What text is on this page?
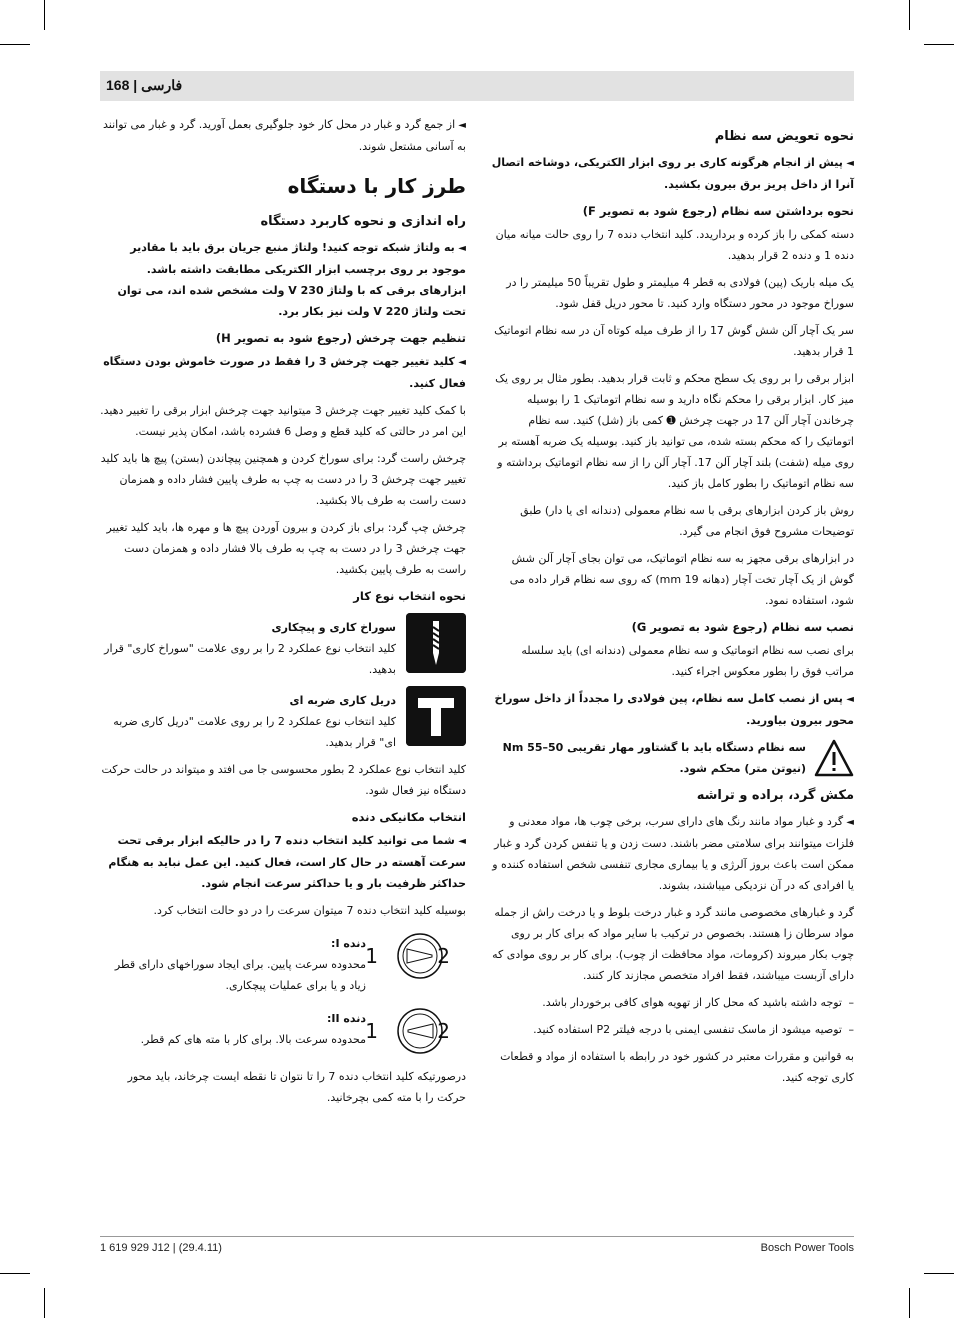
168 | فارسی

◄ از جمع گرد و غبار در محل کار خود جلوگیری بعمل آورید. گرد و غبار می توانند به آسانی مشتعل شوند.

طرز کار با دستگاه
راه اندازی و نحوه کاربرد دستگاه

◄ به ولتاژ شبکه توجه کنید! ولتاژ منبع جریان برق باید با مقادیر موجود بر روی برچسب ابزار الکتریکی مطابقت داشته باشد. ابزارهای برقی که با ولتاژ 230 V ولت مشخص شده اند، می توان تحت ولتاژ 220 V ولت نیز بکار برد.

تنظیم جهت چرخش (رجوع شود به تصویر H)

◄ کلید تغییر جهت چرخش 3 را فقط در صورت خاموش بودن دستگاه فعال کنید.

با کمک کلید تغییر جهت چرخش 3 میتوانید جهت چرخش ابزار برقی را تغییر دهید. این امر در حالتی که کلید قطع و وصل 6 فشرده باشد، امکان پذیر نیست.

چرخش راست گرد: برای سوراخ کردن و همچنین پیچاندن (بستن) پیچ ها باید کلید تغییر جهت چرخش 3 را در دست به چپ به طرف پایین فشار داده و همزمان دست راست به طرف بالا بکشید.

چرخش چپ گرد: برای باز کردن و بیرون آوردن پیچ ها و مهره ها، باید کلید تغییر جهت چرخش 3 را در دست به چپ به طرف بالا فشار داده و همزمان دست راست به طرف پایین بکشید.

نحوه انتخاب نوع کار
سوراخ کاری و پیچکاری
کلید انتخاب نوع عملکرد 2 را بر روی علامت "سوراخ کاری" قرار بدهید.
دریل کاری ضربه ای
کلید انتخاب نوع عملکرد 2 را بر روی علامت "دریل کاری ضربه ای" قرار بدهید.

کلید انتخاب نوع عملکرد 2 بطور محسوسی جا می افتد و میتواند در حالت حرکت دستگاه نیز فعال شود.

انتخاب مکانیکی دنده

◄ شما می توانید کلید انتخاب دنده 7 را در حالیکه ابزار برقی تحت سرعت آهسته در حال کار است، فعال کنید. این عمل نباید به هنگام حداکثر ظرفیت بار و یا حداکثر سرعت انجام شود.

بوسیله کلید انتخاب دنده 7 میتوان سرعت را در دو حالت انتخاب کرد.

1	2
دنده I:
محدوده سرعت پایین. برای ایجاد سوراخهای دارای قطر زیاد و یا برای عملیات پیچکاری.
1	2
دنده II:
محدوده سرعت بالا. برای کار با مته های کم قطر.

درصورتیکه کلید انتخاب دنده 7 را تا نتوان تا نقطه ایست چرخاند، باید محور حرکت را با مته کمی بچرخانید.

نحوه تعویض سه نظام

◄ پیش از انجام هرگونه کاری بر روی ابزار الکتریکی، دوشاخه اتصال آنرا از داخل پریز برق بیرون بکشید.

نحوه برداشتن سه نظام (رجوع شود به تصویر F)

دسته کمکی را باز کرده و برداریدد. کلید انتخاب دنده 7 را روی حالت میانه میان دنده 1 و دنده 2 قرار بدهید.

یک میله باریک (پین) فولادی به قطر 4 میلیمتر و طول تقریباً 50 میلیمتر را در سوراخ موجود در محور دستگاه وارد کنید. تا محور دریل قفل شود.

سر یک آچار آلن شش گوش 17 را از طرف میله کوتاه آن در سه نظام اتوماتیک 1 قرار بدهید.

ابزار برقی را بر روی یک سطح محکم و ثابت قرار بدهید. بطور مثال بر روی یک میز کار. ابزار برقی را محکم نگاه دارید و سه نظام اتوماتیک 1 را بوسیله چرخاندن آچار آلن 17 در جهت چرخش ➊ کمی باز (شل) کنید. سه نظام اتوماتیک را که محکم بسته شده، می توانید باز کنید. بوسیله یک ضربه آهسته بر روی میله (شفت) بلند آچار آلن 17. آچار آلن را از سه نظام اتوماتیک برداشته و سه نظام اتوماتیک را بطور کامل باز کنید.

روش باز کردن ابزارهای برقی با سه نظام معمولی (دندانه ای یا دار) طبق توضیحات مشروح فوق انجام می گیرد.

در ابزارهای برقی مجهز به سه نظام اتوماتیک، می توان بجای آچار آلن شش گوش از یک آچار تخت آچار (دهانه 19 mm) که روی سه نظام قرار داده می شود، استفاده نمود.

نصب سه نظام (رجوع شود به تصویر G)

برای نصب سه نظام اتوماتیک و سه نظام معمولی (دندانه ای) باید سلسله مراتب فوق را بطور معکوس اجراء کنید.

◄ پس از نصب کامل سه نظام، پین فولادی را مجدداً از داخل سوراخ محور بیرون بیاورید.

سه نظام دستگاه باید با گشتاور مهار تقریبی 50–55 Nm (نیوتن متر) محکم شود.
مکش گرد، براده و تراشه

◄ گرد و غبار مواد مانند رنگ های دارای سرب، برخی چوب ها، مواد معدنی و فلزات میتوانند برای سلامتی مضر باشند. دست زدن و یا تنفس کردن گرد و غبار ممکن است باعث بروز آلرژی و یا بیماری مجاری تنفسی شخص استفاده کننده و یا افرادی که در آن نزدیکی میباشند، بشوند.

گرد و غبارهای مخصوصی مانند گرد و غبار درخت بلوط و یا درخت راش از جمله مواد سرطان زا هستند. بخصوص در ترکیب با سایر مواد که برای کار بر روی چوب بکار میروند (کرومات، مواد محافظت از چوب). برای کار بر روی موادی که دارای آزبست میباشند، فقط افراد متخصص مجازند کار کنند.

– توجه داشته باشید که محل کار از تهویه هوای کافی برخوردار باشد.

– توصیه میشود از ماسک تنفسی ایمنی با درجه فیلتر P2 استفاده کنید.

به قوانین و مقررات معتبر در کشور خود در رابطه با استفاده از مواد و قطعات کاری توجه کنید.

1 619 929 J12 | (29.4.11)	Bosch Power Tools
